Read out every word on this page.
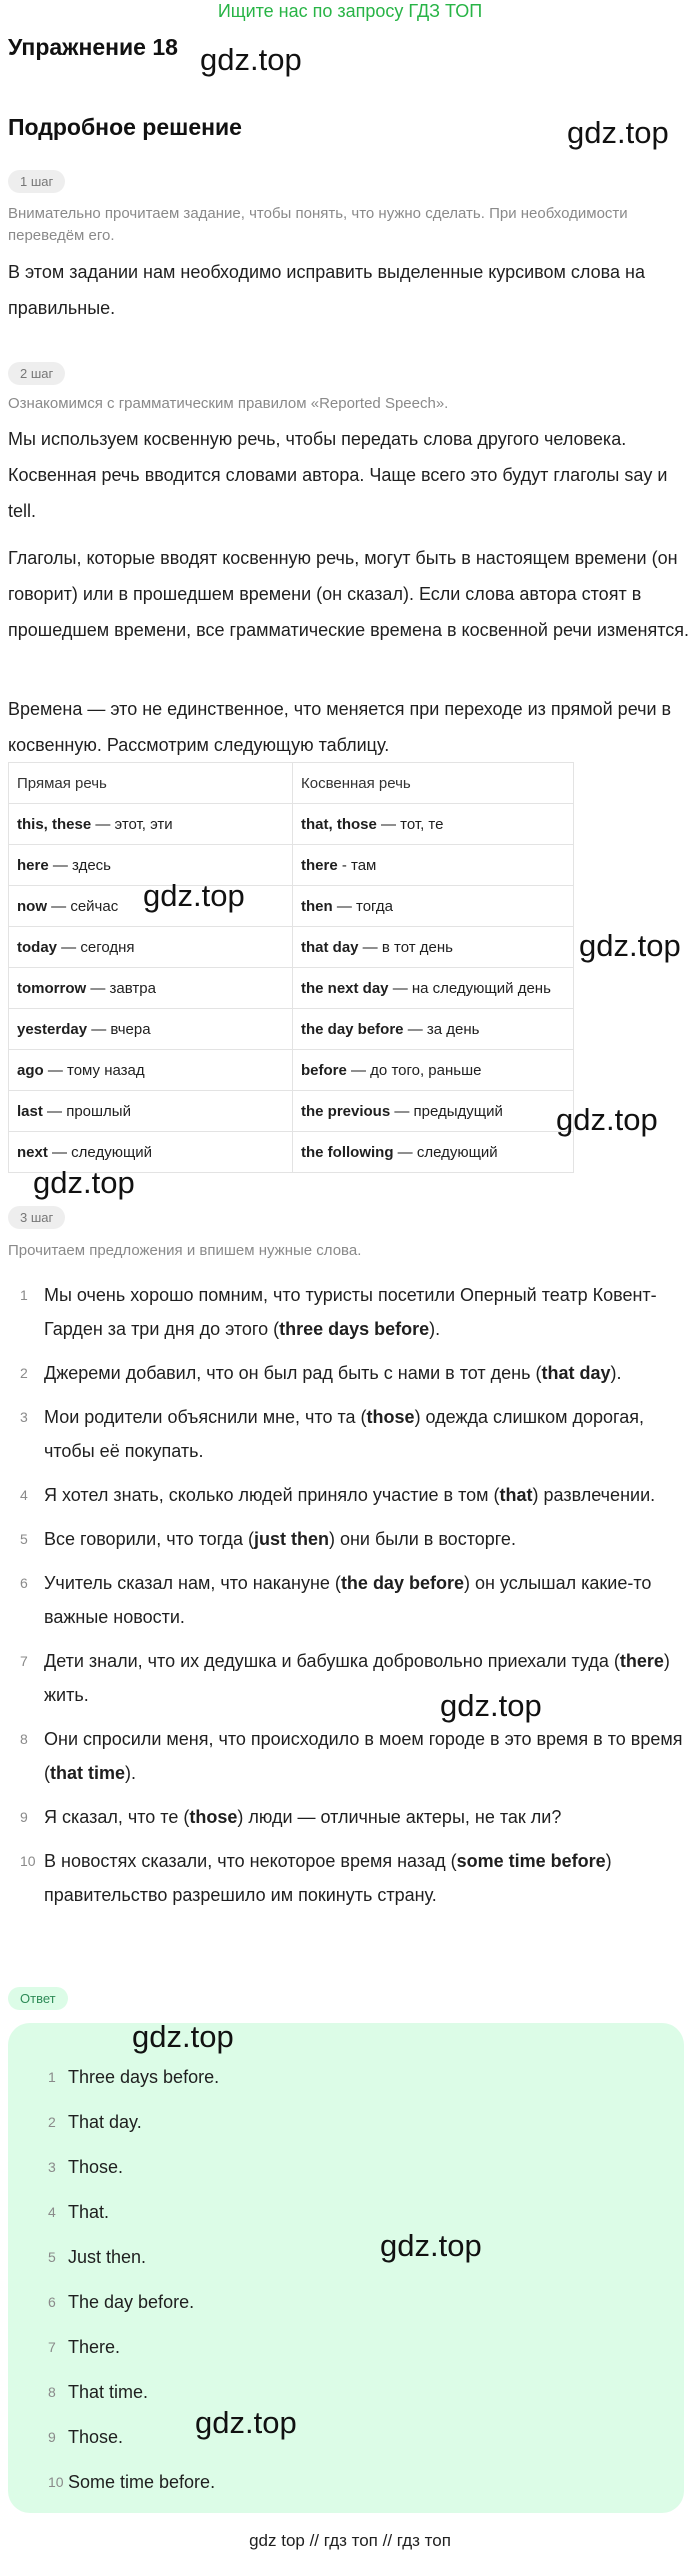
Ищите нас по запросу ГДЗ ТОП
Упражнение 18 gdz.top
Подробное решение	gdz.top
1 шаг
Внимательно прочитаем задание, чтобы понять, что нужно сделать. При необходимости переведём его.
В этом задании нам необходимо исправить выделенные курсивом слова на правильные.
2 шаг
Ознакомимся с грамматическим правилом «Reported Speech».
Мы используем косвенную речь, чтобы передать слова другого человека. Косвенная речь вводится словами автора. Чаще всего это будут глаголы say и tell.
Глаголы, которые вводят косвенную речь, могут быть в настоящем времени (он говорит) или в прошедшем времени (он сказал). Если слова автора стоят в прошедшем времени, все грамматические времена в косвенной речи изменятся.
Времена — это не единственное, что меняется при переходе из прямой речи в косвенную. Рассмотрим следующую таблицу.
Прямая речь	Косвенная речь
this, these — этот, эти	that, those — тот, те
here — здесь	there - там
now — сейчас	then — тогда
today — сегодня	that day — в тот день
tomorrow — завтра	the next day — на следующий день
yesterday — вчера	the day before — за день
ago — тому назад	before — до того, раньше
last — прошлый	the previous — предыдущий
next — следующий	the following — следующий
gdz.top
gdz.top
gdz.top
gdz.top
3 шаг
Прочитаем предложения и впишем нужные слова.
1 Мы очень хорошо помним, что туристы посетили Оперный театр Ковент-Гарден за три дня до этого (three days before).
2 Джереми добавил, что он был рад быть с нами в тот день (that day).
3 Мои родители объяснили мне, что та (those) одежда слишком дорогая, чтобы её покупать.
4 Я хотел знать, сколько людей приняло участие в том (that) развлечении.
5 Все говорили, что тогда (just then) они были в восторге.
6 Учитель сказал нам, что накануне (the day before) он услышал какие-то важные новости.
7 Дети знали, что их дедушка и бабушка добровольно приехали туда (there) жить.
8 Они спросили меня, что происходило в моем городе в это время в то время (that time).
9 Я сказал, что те (those) люди — отличные актеры, не так ли?
10 В новостях сказали, что некоторое время назад (some time before) правительство разрешило им покинуть страну.
gdz.top
Ответ
1 Three days before.
2 That day.
3 Those.
4 That.
5 Just then.
6 The day before.
7 There.
8 That time.
9 Those.
10 Some time before.
gdz.top
gdz.top
gdz.top
gdz top // гдз топ // гдз топ
